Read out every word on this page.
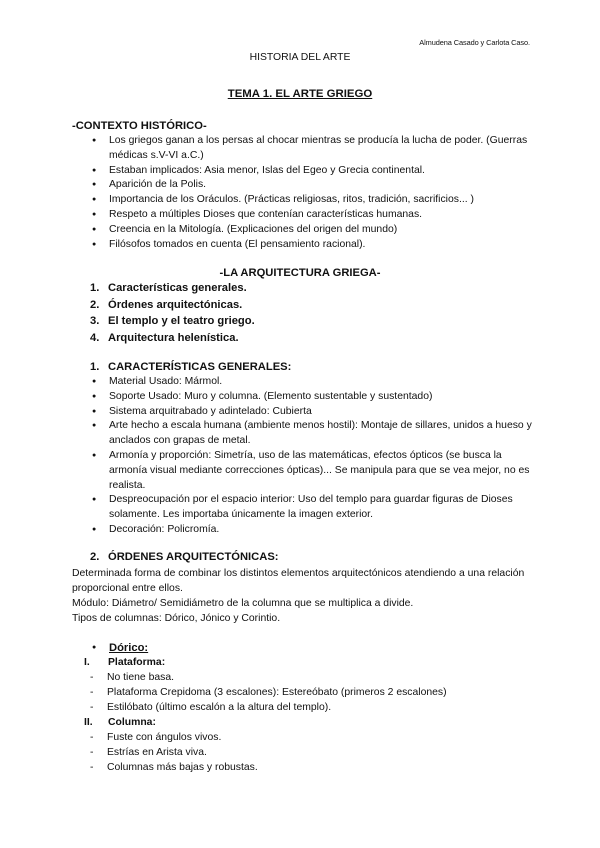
Almudena Casado y Carlota Caso.
HISTORIA DEL ARTE
TEMA 1. EL ARTE GRIEGO
-CONTEXTO HISTÓRICO-
● Los griegos ganan a los persas al chocar mientras se producía la lucha de poder. (Guerras médicas s.V-VI a.C.)
● Estaban implicados: Asia menor, Islas del Egeo y Grecia continental.
● Aparición de la Polis.
● Importancia de los Oráculos. (Prácticas religiosas, ritos, tradición, sacrificios... )
● Respeto a múltiples Dioses que contenían características humanas.
● Creencia en la Mitología. (Explicaciones del origen del mundo)
● Filósofos tomados en cuenta (El pensamiento racional).
-LA ARQUITECTURA GRIEGA-
1. Características generales.
2. Órdenes arquitectónicas.
3. El templo y el teatro griego.
4. Arquitectura helenística.
1. CARACTERÍSTICAS GENERALES:
● Material Usado: Mármol.
● Soporte Usado: Muro y columna. (Elemento sustentable y sustentado)
● Sistema arquitrabado y adintelado: Cubierta
● Arte hecho a escala humana (ambiente menos hostil): Montaje de sillares, unidos a hueso y anclados con grapas de metal.
● Armonía y proporción: Simetría, uso de las matemáticas, efectos ópticos (se busca la armonía visual mediante correcciones ópticas)... Se manipula para que se vea mejor, no es realista.
● Despreocupación por el espacio interior: Uso del templo para guardar figuras de Dioses solamente. Les importaba únicamente la imagen exterior.
● Decoración: Policromía.
2. ÓRDENES ARQUITECTÓNICAS:
Determinada forma de combinar los distintos elementos arquitectónicos atendiendo a una relación proporcional entre ellos.
Módulo: Diámetro/ Semidiámetro de la columna que se multiplica a divide.
Tipos de columnas: Dórico, Jónico y Corintio.
● Dórico:
I. Plataforma:
- No tiene basa.
- Plataforma Crepidoma (3 escalones): Estereóbato (primeros 2 escalones)
- Estilóbato (último escalón a la altura del templo).
II. Columna:
- Fuste con ángulos vivos.
- Estrías en Arista viva.
- Columnas más bajas y robustas.
